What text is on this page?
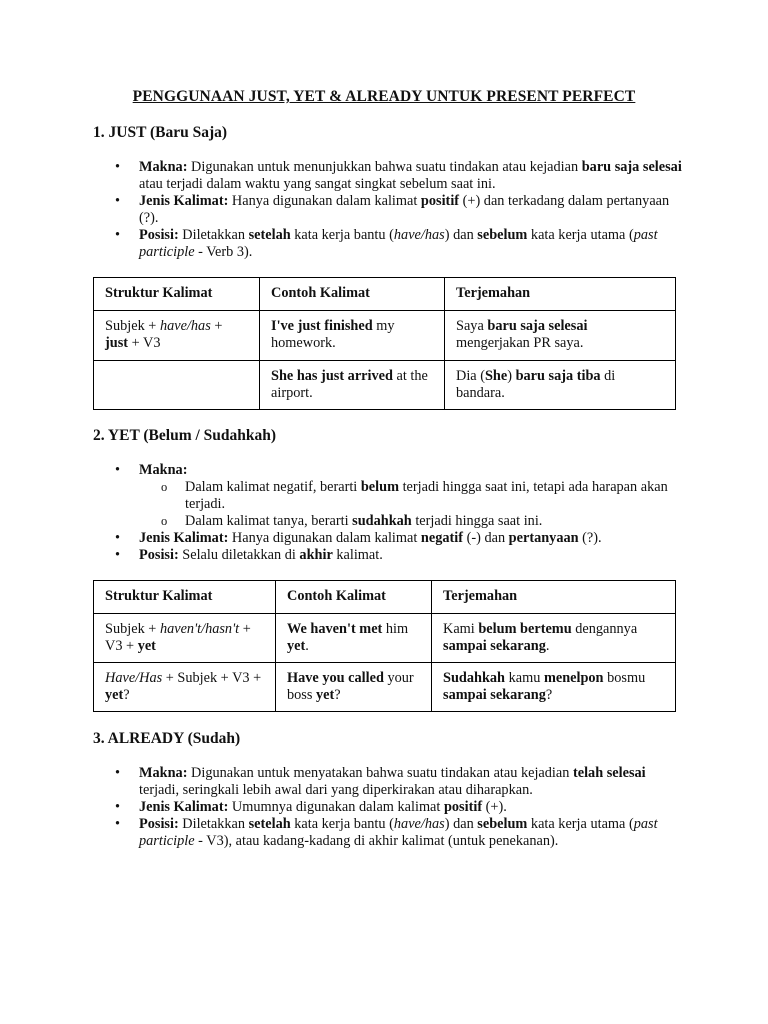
PENGGUNAAN JUST, YET & ALREADY UNTUK PRESENT PERFECT
1. JUST (Baru Saja)
• Makna: Digunakan untuk menunjukkan bahwa suatu tindakan atau kejadian baru saja selesai atau terjadi dalam waktu yang sangat singkat sebelum saat ini.
• Jenis Kalimat: Hanya digunakan dalam kalimat positif (+) dan terkadang dalam pertanyaan (?).
• Posisi: Diletakkan setelah kata kerja bantu (have/has) dan sebelum kata kerja utama (past participle - Verb 3).
Struktur Kalimat	Contoh Kalimat	Terjemahan
Subjek + have/has + just + V3	I've just finished my homework.	Saya baru saja selesai mengerjakan PR saya.
	She has just arrived at the airport.	Dia (She) baru saja tiba di bandara.
2. YET (Belum / Sudahkah)
• Makna:
o Dalam kalimat negatif, berarti belum terjadi hingga saat ini, tetapi ada harapan akan terjadi.
o Dalam kalimat tanya, berarti sudahkah terjadi hingga saat ini.
• Jenis Kalimat: Hanya digunakan dalam kalimat negatif (-) dan pertanyaan (?).
• Posisi: Selalu diletakkan di akhir kalimat.
Struktur Kalimat	Contoh Kalimat	Terjemahan
Subjek + haven't/hasn't + V3 + yet	We haven't met him yet.	Kami belum bertemu dengannya sampai sekarang.
Have/Has + Subjek + V3 + yet?	Have you called your boss yet?	Sudahkah kamu menelpon bosmu sampai sekarang?
3. ALREADY (Sudah)
• Makna: Digunakan untuk menyatakan bahwa suatu tindakan atau kejadian telah selesai terjadi, seringkali lebih awal dari yang diperkirakan atau diharapkan.
• Jenis Kalimat: Umumnya digunakan dalam kalimat positif (+).
• Posisi: Diletakkan setelah kata kerja bantu (have/has) dan sebelum kata kerja utama (past participle - V3), atau kadang-kadang di akhir kalimat (untuk penekanan).
